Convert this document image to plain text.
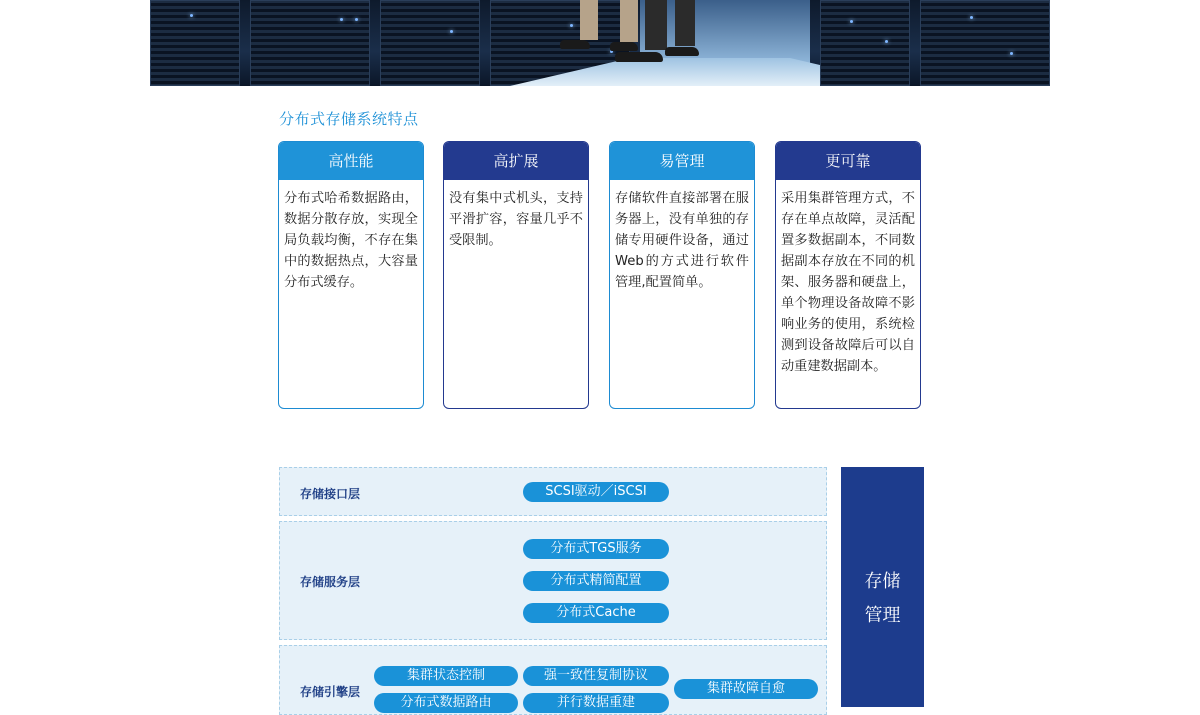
分布式存储系统特点
高性能
分布式哈希数据路由，数据分散存放，实现全局负载均衡，不存在集中的数据热点，大容量分布式缓存。
高扩展
没有集中式机头，支持平滑扩容，容量几乎不受限制。
易管理
存储软件直接部署在服务器上，没有单独的存储专用硬件设备，通过Web的方式进行软件管理,配置简单。
更可靠
采用集群管理方式，不存在单点故障，灵活配置多数据副本，不同数据副本存放在不同的机架、服务器和硬盘上，单个物理设备故障不影响业务的使用，系统检测到设备故障后可以自动重建数据副本。
存储接口层	SCSI驱动／iSCSI
存储服务层
分布式TGS服务
分布式精简配置
分布式Cache
存储引擎层
集群状态控制	强一致性复制协议
集群故障自愈
分布式数据路由	并行数据重建
存储
管理
